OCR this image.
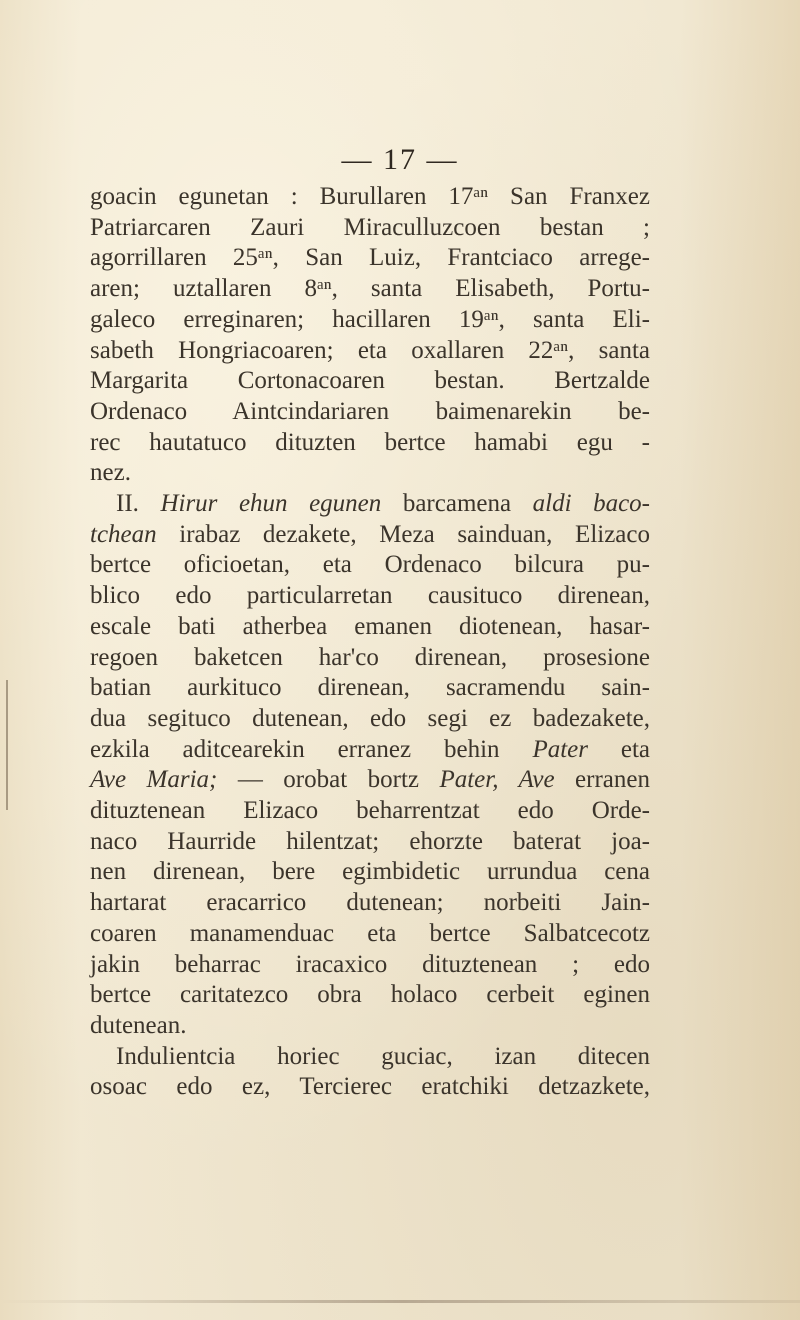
— 17 —
goacin egunetan : Burullaren 17ᵃⁿ San Franxez
Patriarcaren Zauri Miraculluzcoen bestan ;
agorrillaren 25ᵃⁿ, San Luiz, Frantciaco arrege-
aren; uztallaren 8ᵃⁿ, santa Elisabeth, Portu-
galeco erreginaren; hacillaren 19ᵃⁿ, santa Eli-
sabeth Hongriacoaren; eta oxallaren 22ᵃⁿ, santa
Margarita Cortonacoaren bestan. Bertzalde
Ordenaco Aintcindariaren baimenarekin be-
rec hautatuco dituzten bertce hamabi egu -
nez.
II. Hirur ehun egunen barcamena aldi baco-
tchean irabaz dezakete, Meza sainduan, Elizaco
bertce oficioetan, eta Ordenaco bilcura pu-
blico edo particularretan causituco direnean,
escale bati atherbea emanen diotenean, hasar-
regoen baketcen har'co direnean, prosesione
batian aurkituco direnean, sacramendu sain-
dua segituco dutenean, edo segi ez badezakete,
ezkila aditcearekin erranez behin Pater eta
Ave Maria; — orobat bortz Pater, Ave erranen
dituztenean Elizaco beharrentzat edo Orde-
naco Haurride hilentzat; ehorzte baterat joa-
nen direnean, bere egimbidetic urrundua cena
hartarat eracarrico dutenean; norbeiti Jain-
coaren manamenduac eta bertce Salbatcecotz
jakin beharrac iracaxico dituztenean ; edo
bertce caritatezco obra holaco cerbeit eginen
dutenean.
Indulientcia horiec guciac, izan ditecen
osoac edo ez, Tercierec eratchiki detzazkete,
